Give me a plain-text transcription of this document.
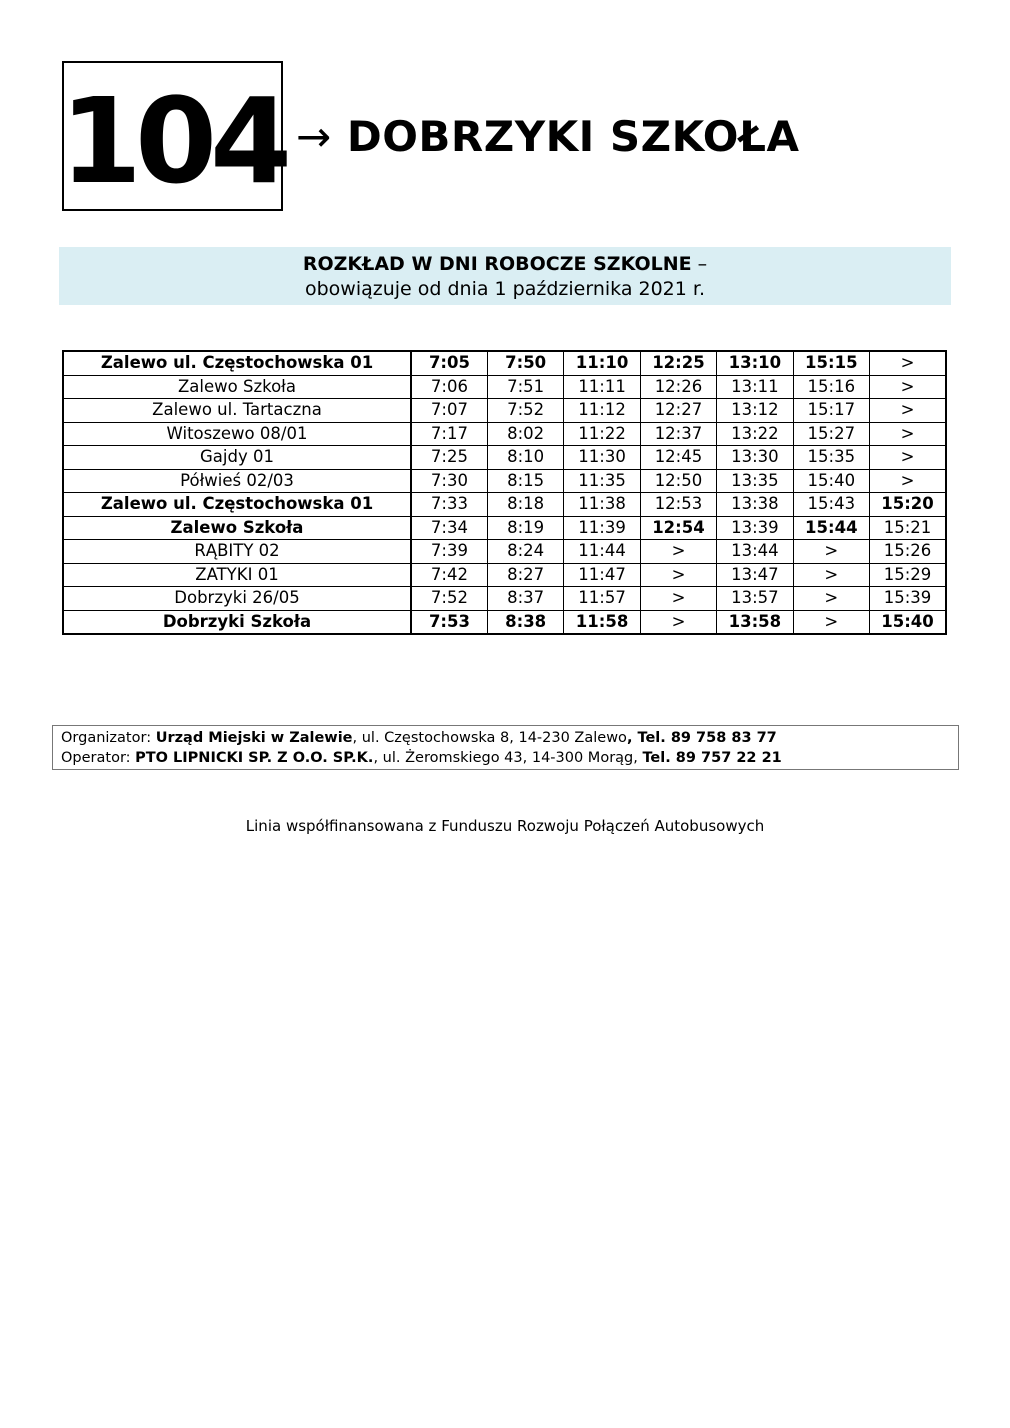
104 → DOBRZYKI SZKOŁA
ROZKŁAD W DNI ROBOCZE SZKOLNE –
obowiązuje od dnia 1 października 2021 r.
Zalewo ul. Częstochowska 01	7:05	7:50	11:10	12:25	13:10	15:15	>
Zalewo Szkoła	7:06	7:51	11:11	12:26	13:11	15:16	>
Zalewo ul. Tartaczna	7:07	7:52	11:12	12:27	13:12	15:17	>
Witoszewo 08/01	7:17	8:02	11:22	12:37	13:22	15:27	>
Gajdy 01	7:25	8:10	11:30	12:45	13:30	15:35	>
Półwieś 02/03	7:30	8:15	11:35	12:50	13:35	15:40	>
Zalewo ul. Częstochowska 01	7:33	8:18	11:38	12:53	13:38	15:43	15:20
Zalewo Szkoła	7:34	8:19	11:39	12:54	13:39	15:44	15:21
RĄBITY 02	7:39	8:24	11:44	>	13:44	>	15:26
ZATYKI 01	7:42	8:27	11:47	>	13:47	>	15:29
Dobrzyki 26/05	7:52	8:37	11:57	>	13:57	>	15:39
Dobrzyki Szkoła	7:53	8:38	11:58	>	13:58	>	15:40
Organizator: Urząd Miejski w Zalewie, ul. Częstochowska 8, 14-230 Zalewo, Tel. 89 758 83 77
Operator: PTO LIPNICKI SP. Z O.O. SP.K., ul. Żeromskiego 43, 14-300 Morąg, Tel. 89 757 22 21
Linia współfinansowana z Funduszu Rozwoju Połączeń Autobusowych
